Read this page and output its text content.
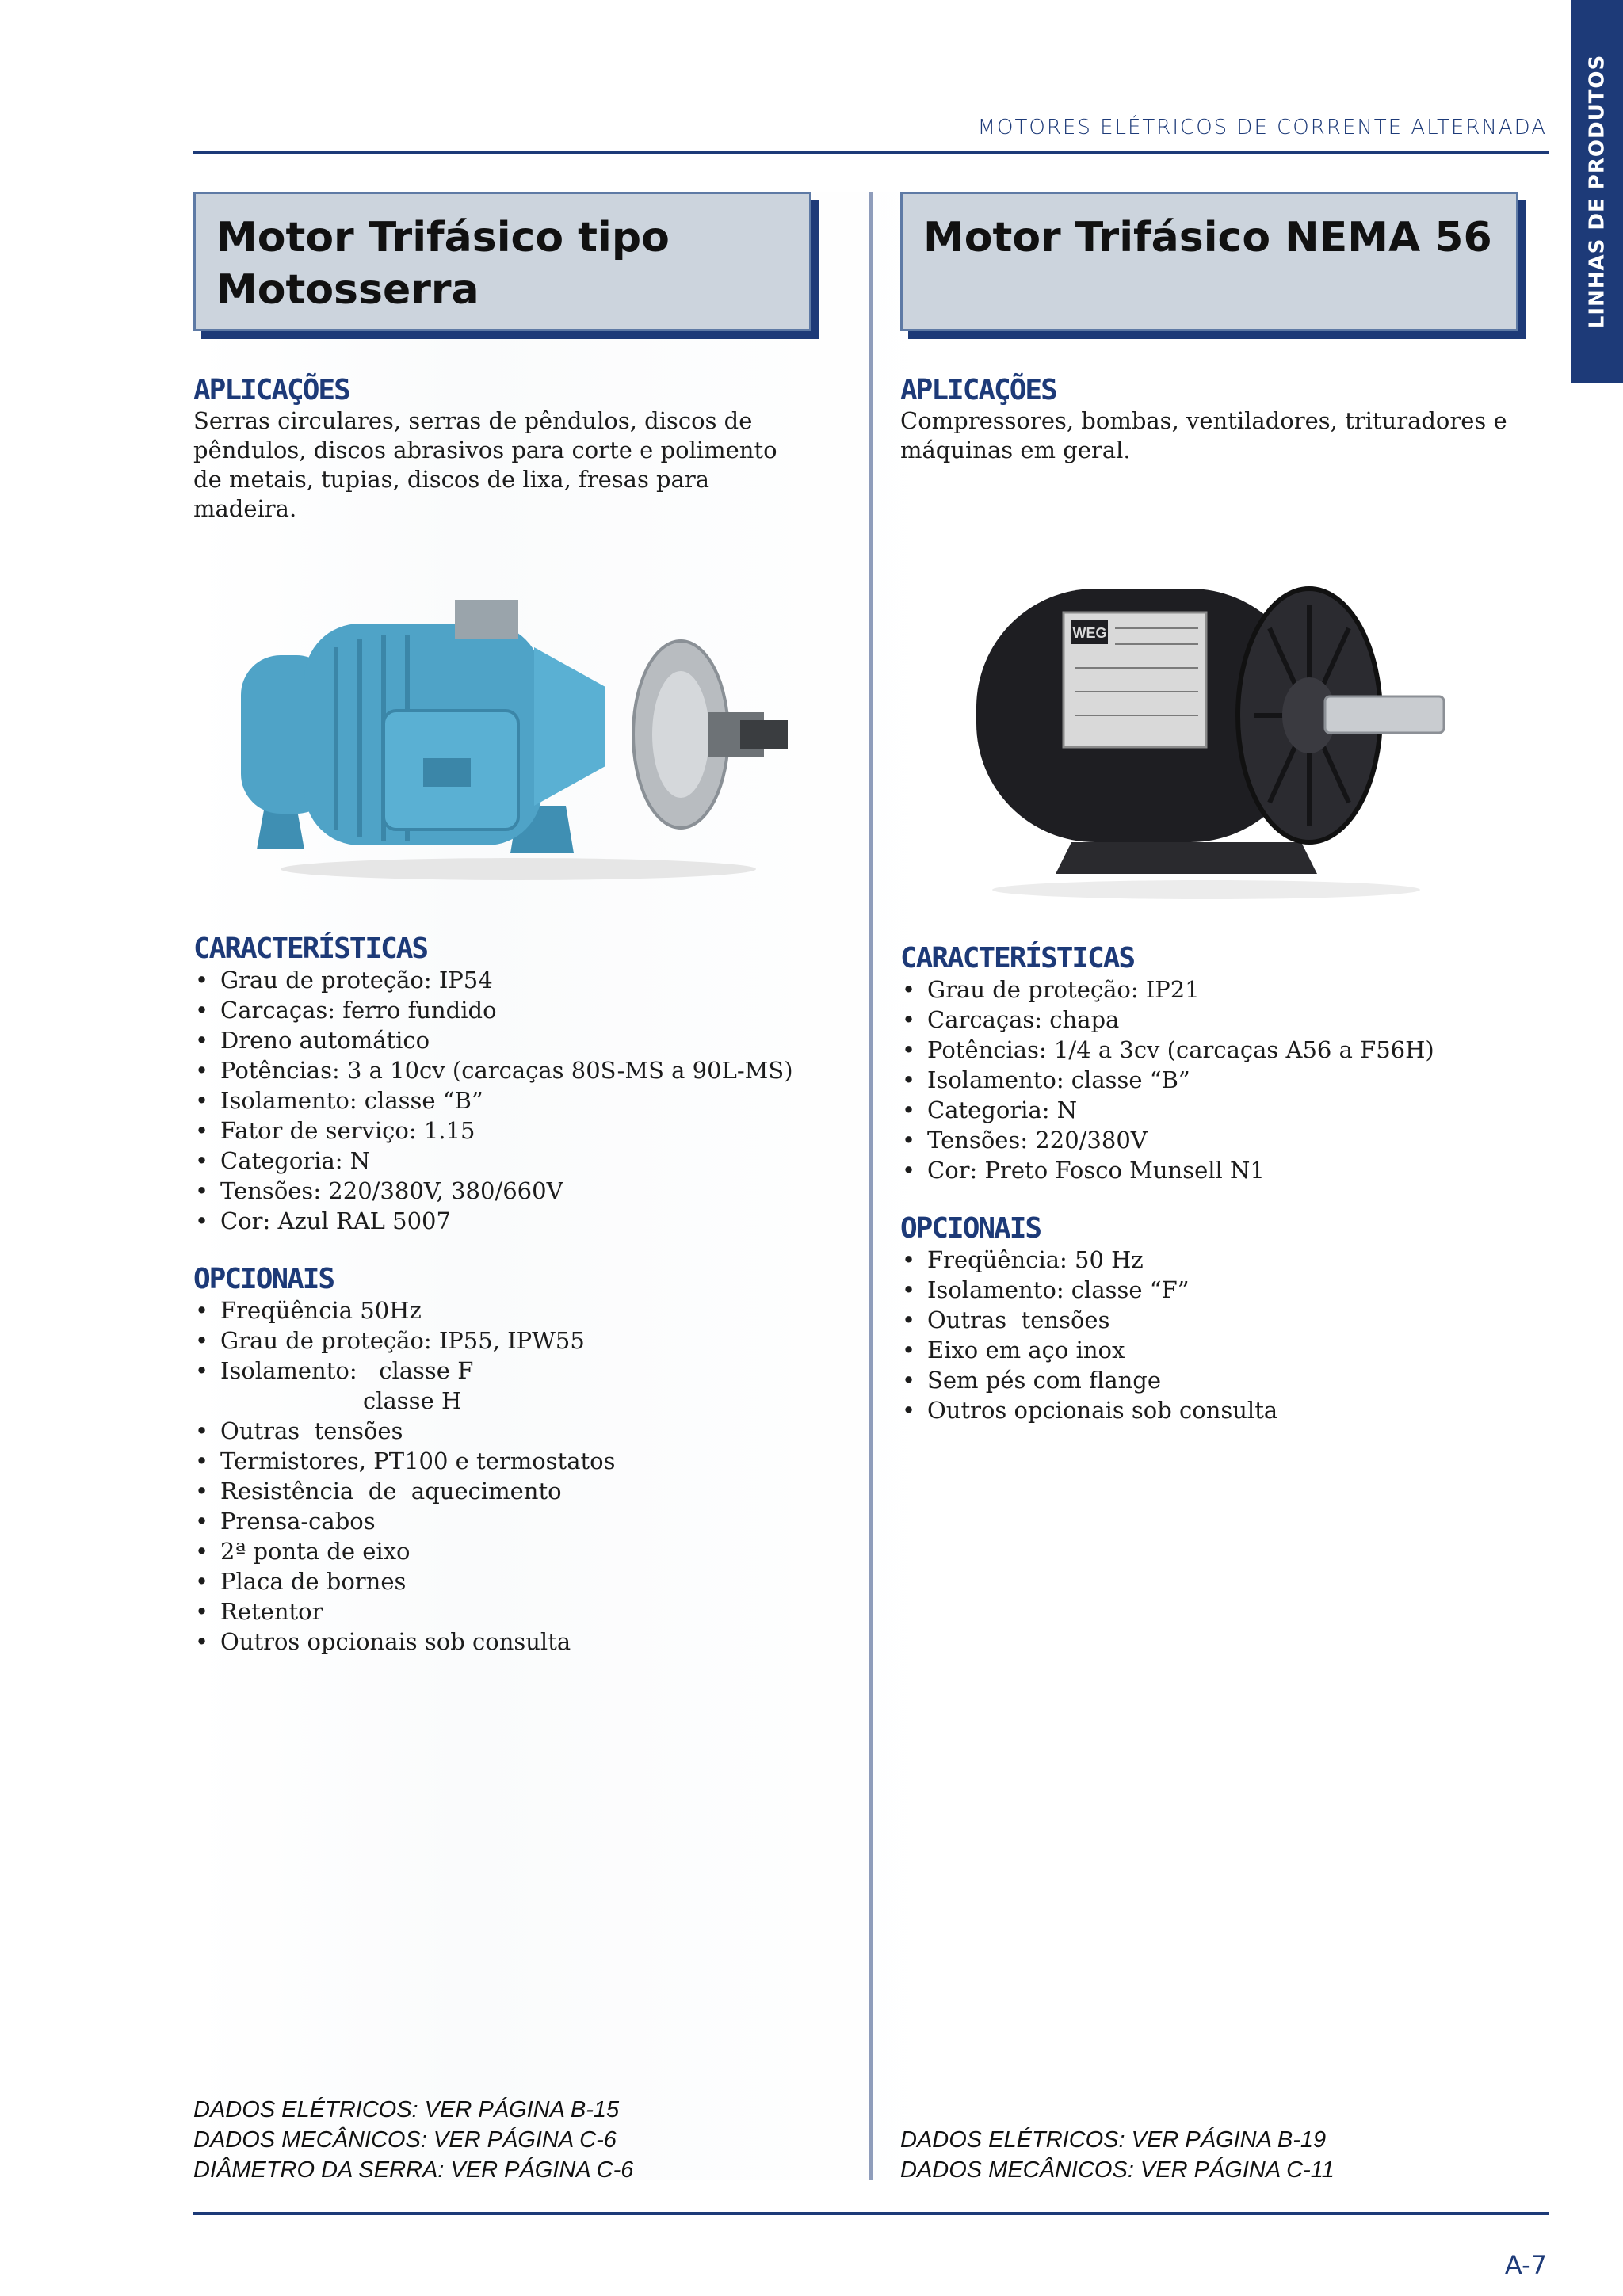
LINHAS DE PRODUTOS
MOTORES ELÉTRICOS DE CORRENTE ALTERNADA
Motor Trifásico tipo
Motosserra
APLICAÇÕES

Serras circulares, serras de pêndulos, discos de pêndulos, discos abrasivos para corte e polimento de metais, tupias, discos de lixa, fresas para madeira.

CARACTERÍSTICAS
• Grau de proteção: IP54
• Carcaças: ferro fundido
• Dreno automático
• Potências: 3 a 10cv (carcaças 80S-MS a 90L-MS)
• Isolamento: classe “B”
• Fator de serviço: 1.15
• Categoria: N
• Tensões: 220/380V, 380/660V
• Cor: Azul RAL 5007
OPCIONAIS
• Freqüência 50Hz
• Grau de proteção: IP55, IPW55
• Isolamento:   classe F
classe H
• Outras  tensões
• Termistores, PT100 e termostatos
• Resistência  de  aquecimento
• Prensa-cabos
• 2ª ponta de eixo
• Placa de bornes
• Retentor
• Outros opcionais sob consulta
DADOS ELÉTRICOS: VER PÁGINA B-15
DADOS MECÂNICOS: VER PÁGINA C-6
DIÂMETRO DA SERRA: VER PÁGINA C-6
Motor Trifásico NEMA 56
APLICAÇÕES

Compressores, bombas, ventiladores, trituradores e máquinas em geral.

WEG
CARACTERÍSTICAS
• Grau de proteção: IP21
• Carcaças: chapa
• Potências: 1/4 a 3cv (carcaças A56 a F56H)
• Isolamento: classe “B”
• Categoria: N
• Tensões: 220/380V
• Cor: Preto Fosco Munsell N1
OPCIONAIS
• Freqüência: 50 Hz
• Isolamento: classe “F”
• Outras  tensões
• Eixo em aço inox
• Sem pés com flange
• Outros opcionais sob consulta
DADOS ELÉTRICOS: VER PÁGINA B-19
DADOS MECÂNICOS: VER PÁGINA C-11
A-7
